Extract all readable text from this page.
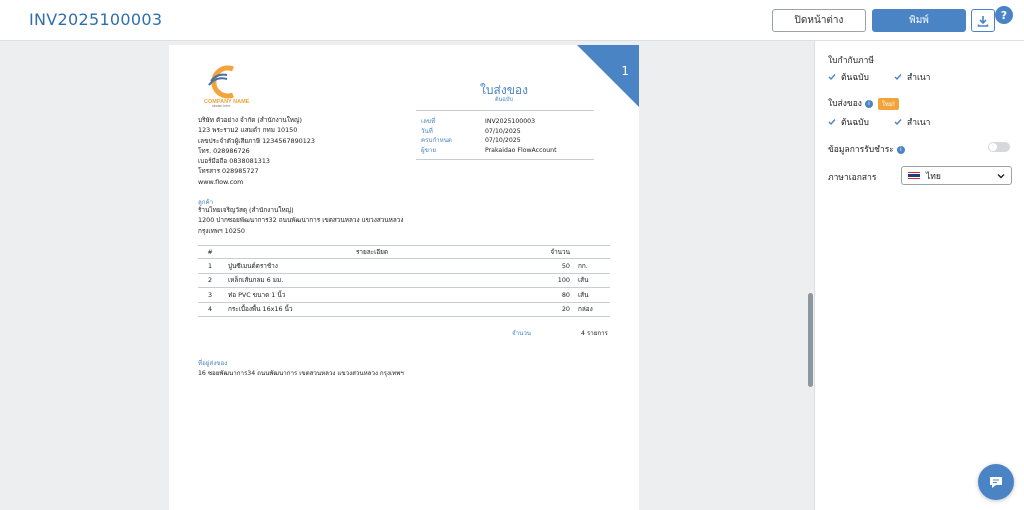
INV2025100003	ปิดหน้าต่าง	พิมพ์	?
1
COMPANY NAME
slogan here
บริษัท ตัวอย่าง จำกัด (สำนักงานใหญ่)
123 พระราม2 แสมดำ กทม 10150
เลขประจำตัวผู้เสียภาษี 1234567890123
โทร. 028986726
เบอร์มือถือ 0838081313
โทรสาร 028985727
www.flow.com
ใบส่งของ
ต้นฉบับ
เลขที่	INV2025100003
วันที่	07/10/2025
ครบกำหนด	07/10/2025
ผู้ขาย	Prakaidao FlowAccount
ลูกค้า
ร้านไทยเจริญวัสดุ (สำนักงานใหญ่)
1200 ปากซอยพัฒนาการ32 ถนนพัฒนาการ เขตสวนหลวง แขวงสวนหลวง
กรุงเทพฯ 10250
#	รายละเอียด	จำนวน
1	ปูนซีเมนต์ตราช้าง	50	กก.
2	เหล็กเส้นกลม 6 มม.	100	เส้น
3	ท่อ PVC ขนาด 1 นิ้ว	80	เส้น
4	กระเบื้องพื้น 16x16 นิ้ว	20	กล่อง
จำนวน	4 รายการ
ที่อยู่ส่งของ
16 ซอยพัฒนาการ34 ถนนพัฒนาการ เขตสวนหลวง แขวงสวนหลวง กรุงเทพฯ
ใบกำกับภาษี
ต้นฉบับ	สำเนา
ใบส่งของ i ใหม่!
ต้นฉบับ	สำเนา
ข้อมูลการรับชำระ i
ภาษาเอกสาร	ไทย
